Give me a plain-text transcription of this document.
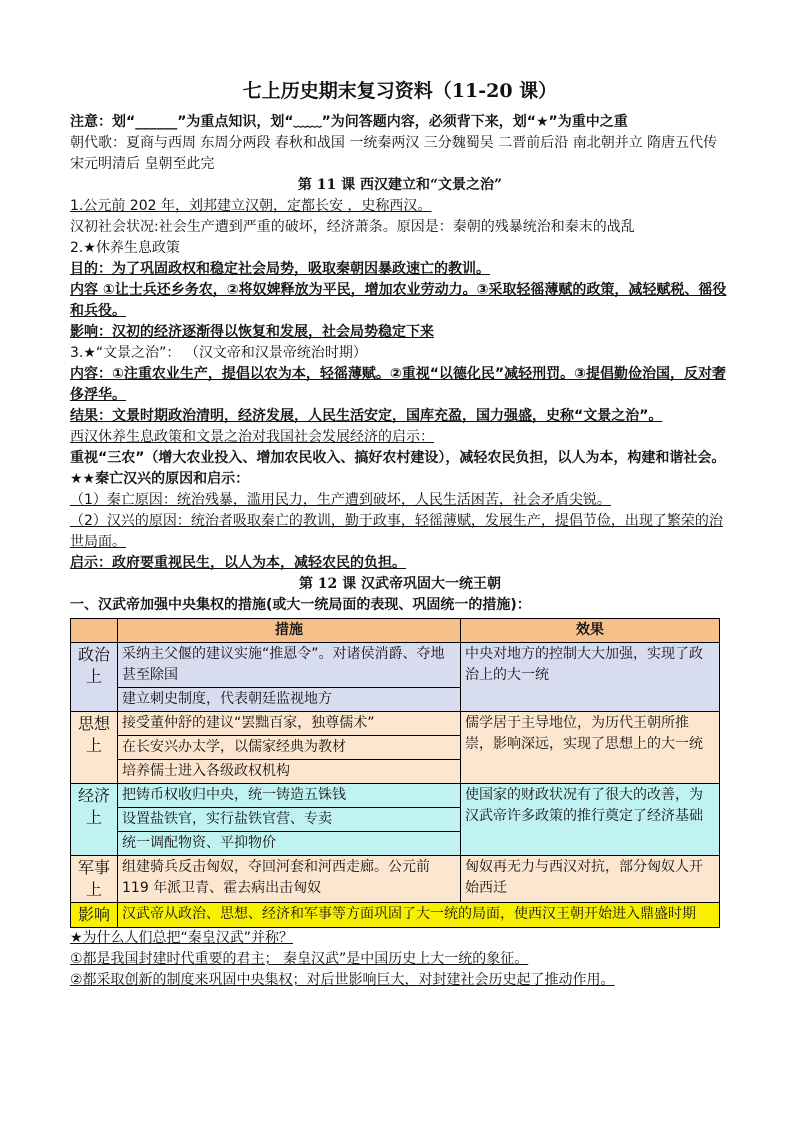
七上历史期末复习资料（11-20 课）

注意：划“______”为重点知识，划“﹏﹏”为问答题内容，必须背下来，划“★”为重中之重

朝代歌：夏商与西周 东周分两段 春秋和战国 一统秦两汉 三分魏蜀吴 二晋前后沿 南北朝并立 隋唐五代传 宋元明清后 皇朝至此完

第 11 课 西汉建立和“文景之治”

1.公元前 202 年，刘邦建立汉朝，定都长安 ，史称西汉。

汉初社会状况:社会生产遭到严重的破坏，经济萧条。原因是：秦朝的残暴统治和秦末的战乱

2.★休养生息政策

目的：为了巩固政权和稳定社会局势，吸取秦朝因暴政速亡的教训。

内容 ①让士兵还乡务农，②将奴婢释放为平民，增加农业劳动力。③采取轻徭薄赋的政策，减轻赋税、徭役和兵役。

影响：汉初的经济逐渐得以恢复和发展，社会局势稳定下来

3.★“文景之治”： （汉文帝和汉景帝统治时期）

内容：①注重农业生产，提倡以农为本，轻徭薄赋。②重视“以德化民”减轻刑罚。③提倡勤俭治国，反对奢侈浮华。

结果：文景时期政治清明，经济发展，人民生活安定，国库充盈，国力强盛，史称“文景之治”。

西汉休养生息政策和文景之治对我国社会发展经济的启示：

重视“三农”（增大农业投入、增加农民收入、搞好农村建设），减轻农民负担，以人为本，构建和谐社会。

★★秦亡汉兴的原因和启示：

（1）秦亡原因：统治残暴，滥用民力，生产遭到破坏，人民生活困苦，社会矛盾尖锐。

（2）汉兴的原因：统治者吸取秦亡的教训，勤于政事，轻徭薄赋，发展生产，提倡节俭，出现了繁荣的治世局面。

启示：政府要重视民生，以人为本，减轻农民的负担。

第 12 课 汉武帝巩固大一统王朝

一、汉武帝加强中央集权的措施(或大一统局面的表现、巩固统一的措施)：

	措施	效果
政治上	采纳主父偃的建议实施“推恩令”。对诸侯消爵、夺地甚至除国
建立刺史制度，代表朝廷监视地方	中央对地方的控制大大加强，实现了政治上的大一统
思想上	接受董仲舒的建议“罢黜百家，独尊儒术”
在长安兴办太学，以儒家经典为教材
培养儒士进入各级政权机构	儒学居于主导地位，为历代王朝所推崇，影响深远，实现了思想上的大一统
经济上	把铸币权收归中央，统一铸造五铢钱
设置盐铁官，实行盐铁官营、专卖
统一调配物资、平抑物价	使国家的财政状况有了很大的改善，为汉武帝许多政策的推行奠定了经济基础
军事上	组建骑兵反击匈奴，夺回河套和河西走廊。公元前 119 年派卫青、霍去病出击匈奴	匈奴再无力与西汉对抗，部分匈奴人开始西迁
影响	汉武帝从政治、思想、经济和军事等方面巩固了大一统的局面，使西汉王朝开始进入鼎盛时期	

★为什么人们总把“秦皇汉武”并称？

①都是我国封建时代重要的君主； 秦皇汉武”是中国历史上大一统的象征。

②都采取创新的制度来巩固中央集权；对后世影响巨大，对封建社会历史起了推动作用。
